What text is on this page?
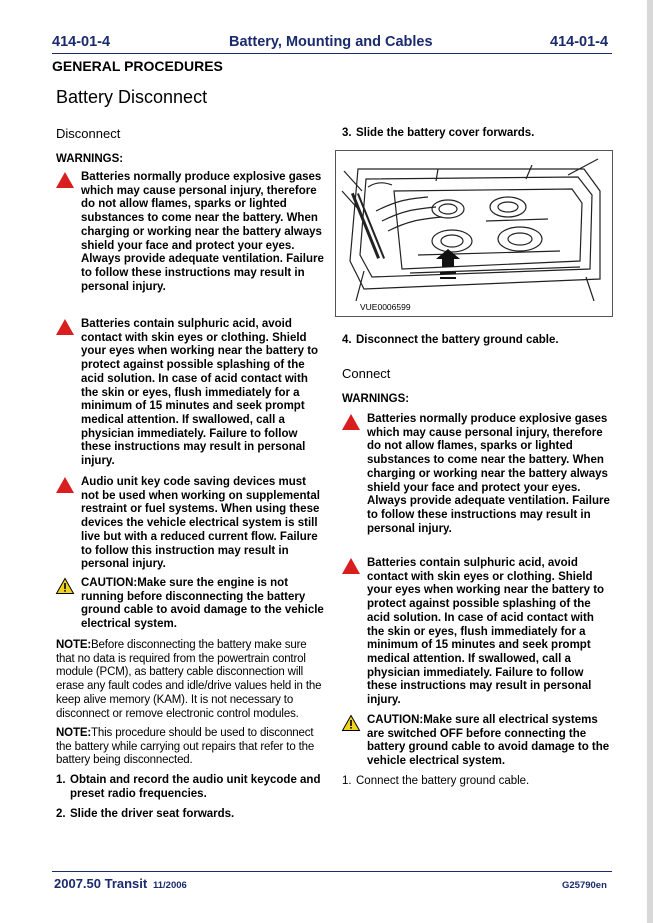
414-01-4	Battery, Mounting and Cables	414-01-4
GENERAL PROCEDURES
Battery Disconnect
Disconnect
WARNINGS:
Batteries normally produce explosive gases which may cause personal injury, therefore do not allow flames, sparks or lighted substances to come near the battery. When charging or working near the battery always shield your face and protect your eyes. Always provide adequate ventilation. Failure to follow these instructions may result in personal injury.
Batteries contain sulphuric acid, avoid contact with skin eyes or clothing. Shield your eyes when working near the battery to protect against possible splashing of the acid solution. In case of acid contact with the skin or eyes, flush immediately for a minimum of 15 minutes and seek prompt medical attention. If swallowed, call a physician immediately. Failure to follow these instructions may result in personal injury.
Audio unit key code saving devices must not be used when working on supplemental restraint or fuel systems. When using these devices the vehicle electrical system is still live but with a reduced current flow. Failure to follow this instruction may result in personal injury.
CAUTION:Make sure the engine is not running before disconnecting the battery ground cable to avoid damage to the vehicle electrical system.
NOTE:Before disconnecting the battery make sure that no data is required from the powertrain control module (PCM), as battery cable disconnection will erase any fault codes and idle/drive values held in the keep alive memory (KAM). It is not necessary to disconnect or remove electronic control modules.
NOTE:This procedure should be used to disconnect the battery while carrying out repairs that refer to the battery being disconnected.
1. Obtain and record the audio unit keycode and preset radio frequencies.
2. Slide the driver seat forwards.
3. Slide the battery cover forwards.
VUE0006599
4. Disconnect the battery ground cable.
Connect
WARNINGS:
Batteries normally produce explosive gases which may cause personal injury, therefore do not allow flames, sparks or lighted substances to come near the battery. When charging or working near the battery always shield your face and protect your eyes. Always provide adequate ventilation. Failure to follow these instructions may result in personal injury.
Batteries contain sulphuric acid, avoid contact with skin eyes or clothing. Shield your eyes when working near the battery to protect against possible splashing of the acid solution. In case of acid contact with the skin or eyes, flush immediately for a minimum of 15 minutes and seek prompt medical attention. If swallowed, call a physician immediately. Failure to follow these instructions may result in personal injury.
CAUTION:Make sure all electrical systems are switched OFF before connecting the battery ground cable to avoid damage to the vehicle electrical system.
1. Connect the battery ground cable.
2007.50 Transit 11/2006	G25790en
